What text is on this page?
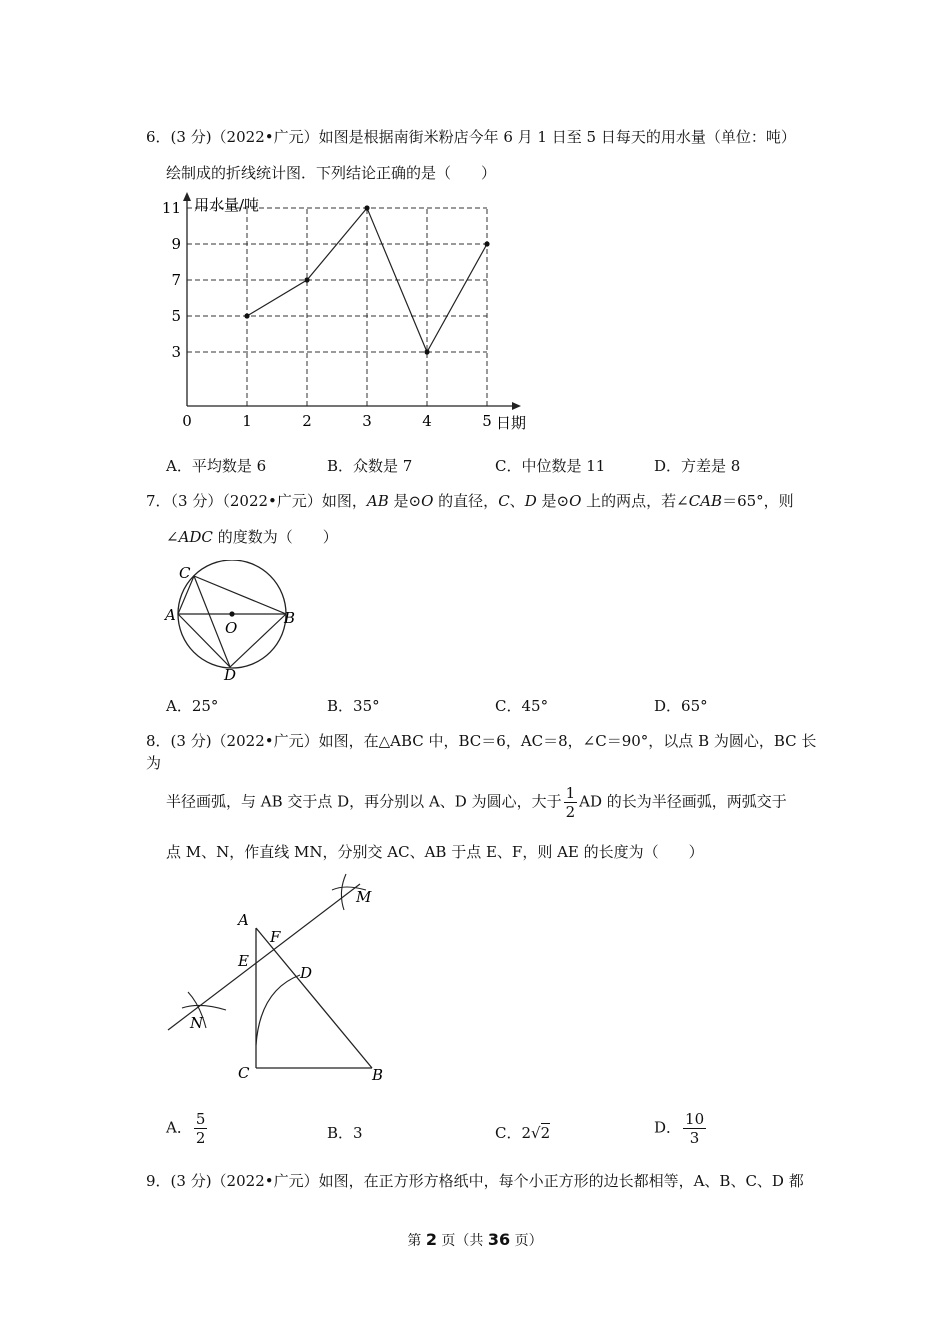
6．(3 分)（2022•广元）如图是根据南街米粉店今年 6 月 1 日至 5 日每天的用水量（单位：吨）
绘制成的折线统计图．下列结论正确的是（　　）
0	1	2	3	4	5
3
5
7
9
11 用水量/吨
日期
A．平均数是 6	B．众数是 7	C．中位数是 11	D．方差是 8
7．（3 分）（2022•广元）如图，AB 是⊙O 的直径，C、D 是⊙O 上的两点，若∠CAB＝65°，则
∠ADC 的度数为（　　）
A	B
C
D
O
A．25°	B．35°	C．45°	D．65°
8．(3 分)（2022•广元）如图，在△ABC 中，BC＝6，AC＝8，∠C＝90°，以点 B 为圆心，BC 长为
半径画弧，与 AB 交于点 D，再分别以 A、D 为圆心，大于 $\frac{1}{2}$ AD 的长为半径画弧，两弧交于
点 M、N，作直线 MN，分别交 AC、AB 于点 E、F，则 AE 的长度为（　　）
A
B
C
D
E
F
M
N
A． $\frac{5}{2}$	B．3	C．2√2	D． $\frac{10}{3}$
9．(3 分)（2022•广元）如图，在正方形方格纸中，每个小正方形的边长都相等，A、B、C、D 都
第 2 页（共 36 页）
